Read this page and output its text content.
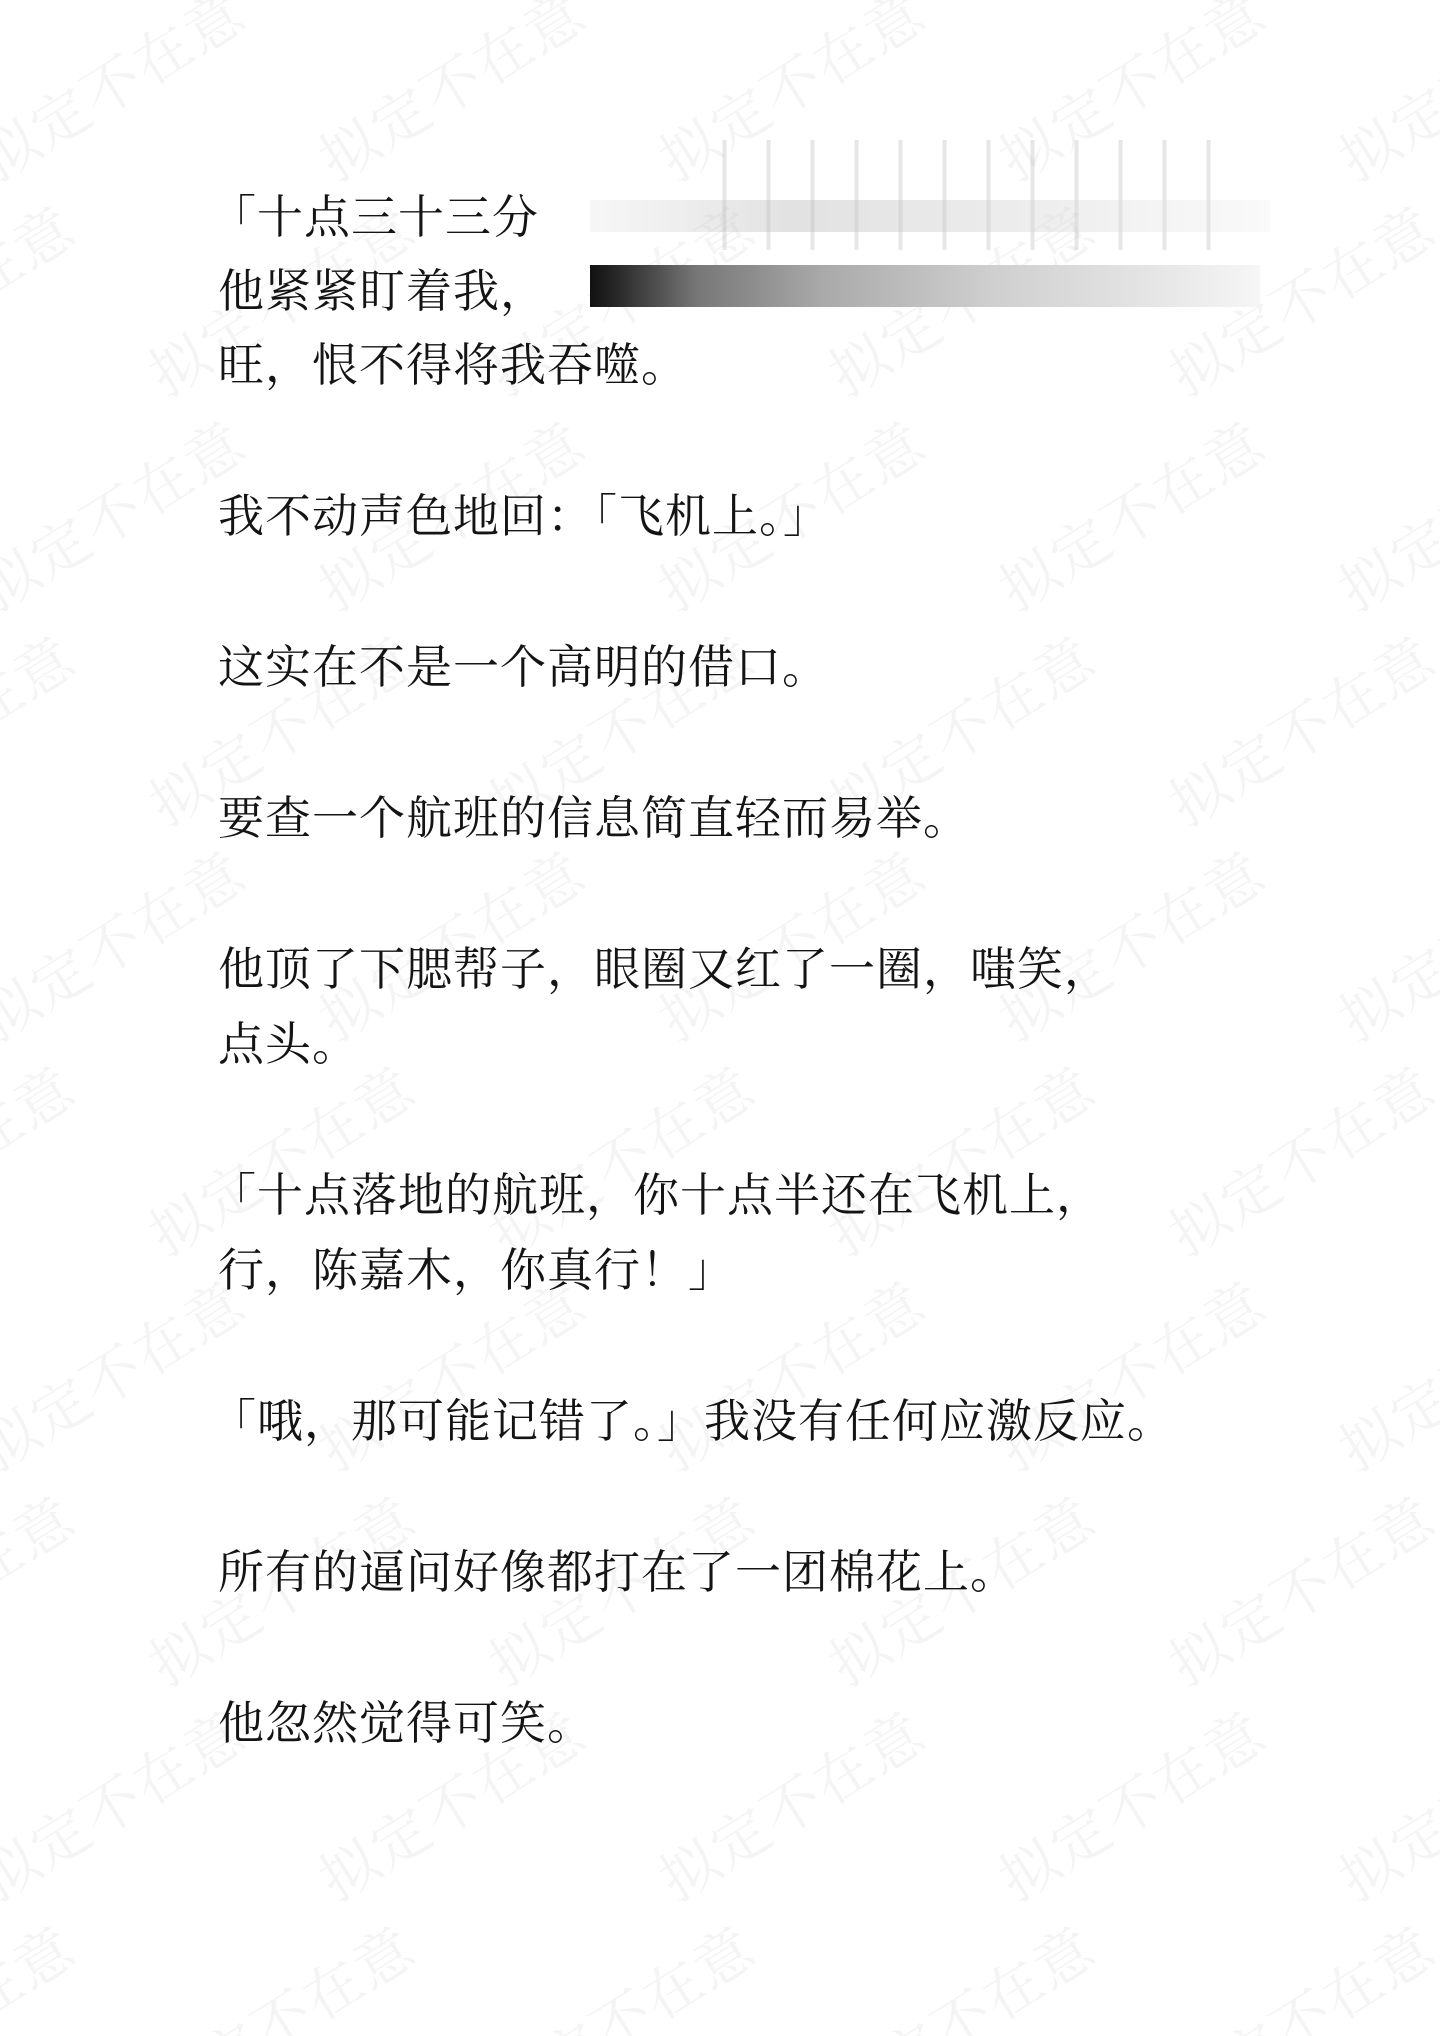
「十点三十三分

他紧紧盯着我，

旺，恨不得将我吞噬。

我不动声色地回：「飞机上。」

这实在不是一个高明的借口。

要查一个航班的信息简直轻而易举。

他顶了下腮帮子，眼圈又红了一圈，嗤笑，

点头。

「十点落地的航班，你十点半还在飞机上，

行，陈嘉木，你真行！」

「哦，那可能记错了。」我没有任何应激反应。

所有的逼问好像都打在了一团棉花上。

他忽然觉得可笑。
